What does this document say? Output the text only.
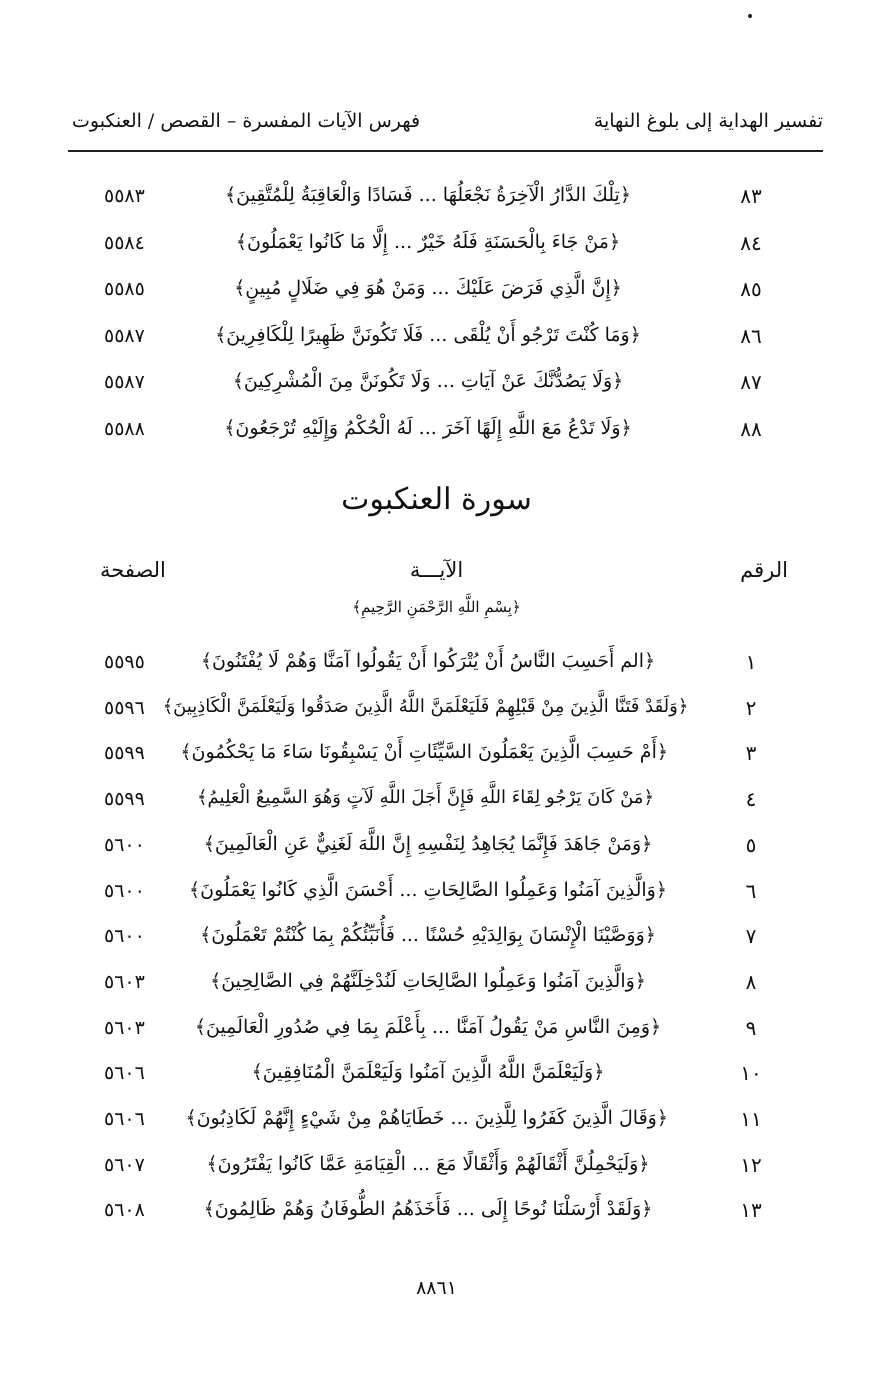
تفسير الهداية إلى بلوغ النهاية
فهرس الآيات المفسرة – القصص / العنكبوت
٨٣
﴿تِلْكَ الدَّارُ الْآخِرَةُ نَجْعَلُهَا ... فَسَادًا وَالْعَاقِبَةُ لِلْمُتَّقِينَ﴾
٥٥٨٣
٨٤
﴿مَنْ جَاءَ بِالْحَسَنَةِ فَلَهُ خَيْرٌ ... إِلَّا مَا كَانُوا يَعْمَلُونَ﴾
٥٥٨٤
٨٥
﴿إِنَّ الَّذِي فَرَضَ عَلَيْكَ ... وَمَنْ هُوَ فِي ضَلَالٍ مُبِينٍ﴾
٥٥٨٥
٨٦
﴿وَمَا كُنْتَ تَرْجُو أَنْ يُلْقَى ... فَلَا تَكُونَنَّ ظَهِيرًا لِلْكَافِرِينَ﴾
٥٥٨٧
٨٧
﴿وَلَا يَصُدُّنَّكَ عَنْ آيَاتِ ... وَلَا تَكُونَنَّ مِنَ الْمُشْرِكِينَ﴾
٥٥٨٧
٨٨
﴿وَلَا تَدْعُ مَعَ اللَّهِ إِلَهًا آخَرَ ... لَهُ الْحُكْمُ وَإِلَيْهِ تُرْجَعُونَ﴾
٥٥٨٨
سورة العنكبوت
الرقم
الآيـــة
الصفحة
﴿بِسْمِ اللَّهِ الرَّحْمَنِ الرَّحِيمِ﴾
١
﴿الم أَحَسِبَ النَّاسُ أَنْ يُتْرَكُوا أَنْ يَقُولُوا آمَنَّا وَهُمْ لَا يُفْتَنُونَ﴾
٥٥٩٥
٢
﴿وَلَقَدْ فَتَنَّا الَّذِينَ مِنْ قَبْلِهِمْ فَلَيَعْلَمَنَّ اللَّهُ الَّذِينَ صَدَقُوا وَلَيَعْلَمَنَّ الْكَاذِبِينَ﴾
٥٥٩٦
٣
﴿أَمْ حَسِبَ الَّذِينَ يَعْمَلُونَ السَّيِّئَاتِ أَنْ يَسْبِقُونَا سَاءَ مَا يَحْكُمُونَ﴾
٥٥٩٩
٤
﴿مَنْ كَانَ يَرْجُو لِقَاءَ اللَّهِ فَإِنَّ أَجَلَ اللَّهِ لَآتٍ وَهُوَ السَّمِيعُ الْعَلِيمُ﴾
٥٥٩٩
٥
﴿وَمَنْ جَاهَدَ فَإِنَّمَا يُجَاهِدُ لِنَفْسِهِ إِنَّ اللَّهَ لَغَنِيٌّ عَنِ الْعَالَمِينَ﴾
٥٦٠٠
٦
﴿وَالَّذِينَ آمَنُوا وَعَمِلُوا الصَّالِحَاتِ ... أَحْسَنَ الَّذِي كَانُوا يَعْمَلُونَ﴾
٥٦٠٠
٧
﴿وَوَصَّيْنَا الْإِنْسَانَ بِوَالِدَيْهِ حُسْنًا ... فَأُنَبِّئُكُمْ بِمَا كُنْتُمْ تَعْمَلُونَ﴾
٥٦٠٠
٨
﴿وَالَّذِينَ آمَنُوا وَعَمِلُوا الصَّالِحَاتِ لَنُدْخِلَنَّهُمْ فِي الصَّالِحِينَ﴾
٥٦٠٣
٩
﴿وَمِنَ النَّاسِ مَنْ يَقُولُ آمَنَّا ... بِأَعْلَمَ بِمَا فِي صُدُورِ الْعَالَمِينَ﴾
٥٦٠٣
١٠
﴿وَلَيَعْلَمَنَّ اللَّهُ الَّذِينَ آمَنُوا وَلَيَعْلَمَنَّ الْمُنَافِقِينَ﴾
٥٦٠٦
١١
﴿وَقَالَ الَّذِينَ كَفَرُوا لِلَّذِينَ ... خَطَايَاهُمْ مِنْ شَيْءٍ إِنَّهُمْ لَكَاذِبُونَ﴾
٥٦٠٦
١٢
﴿وَلَيَحْمِلُنَّ أَثْقَالَهُمْ وَأَثْقَالًا مَعَ ... الْقِيَامَةِ عَمَّا كَانُوا يَفْتَرُونَ﴾
٥٦٠٧
١٣
﴿وَلَقَدْ أَرْسَلْنَا نُوحًا إِلَى ... فَأَخَذَهُمُ الطُّوفَانُ وَهُمْ ظَالِمُونَ﴾
٥٦٠٨
٨٨٦١
